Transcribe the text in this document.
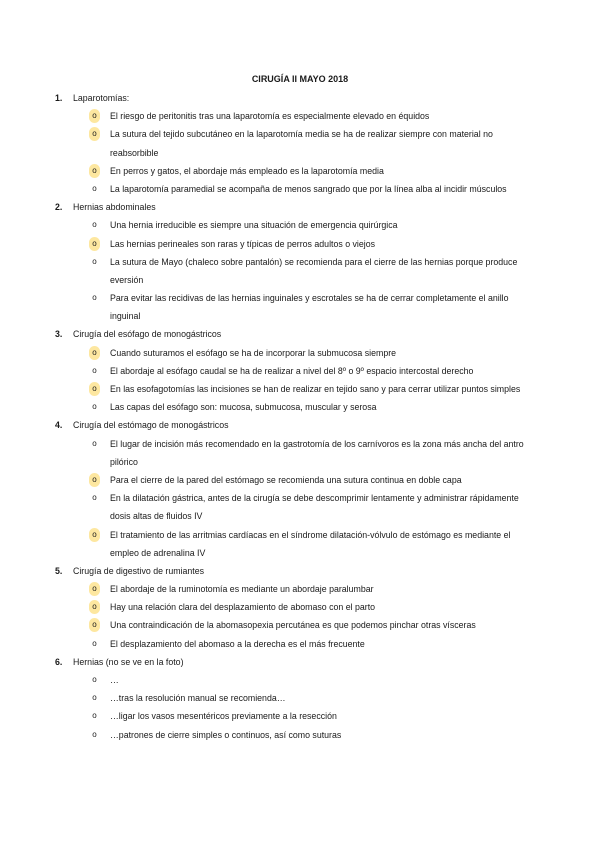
CIRUGÍA II MAYO 2018
1. Laparotomías:
o	El riesgo de peritonitis tras una laparotomía es especialmente elevado en équidos
o	La sutura del tejido subcutáneo en la laparotomía media se ha de realizar siempre con material no
reabsorbible
o	En perros y gatos, el abordaje más empleado es la laparotomía media
o	La laparotomía paramedial se acompaña de menos sangrado que por la línea alba al incidir músculos
2. Hernias abdominales
o	Una hernia irreducible es siempre una situación de emergencia quirúrgica
o	Las hernias perineales son raras y típicas de perros adultos o viejos
o	La sutura de Mayo (chaleco sobre pantalón) se recomienda para el cierre de las hernias porque produce
eversión
o	Para evitar las recidivas de las hernias inguinales y escrotales se ha de cerrar completamente el anillo
inguinal
3. Cirugía del esófago de monogástricos
o	Cuando suturamos el esófago se ha de incorporar la submucosa siempre
o	El abordaje al esófago caudal se ha de realizar a nivel del 8º o 9º espacio intercostal derecho
o	En las esofagotomías las incisiones se han de realizar en tejido sano y para cerrar utilizar puntos simples
o	Las capas del esófago son: mucosa, submucosa, muscular y serosa
4. Cirugía del estómago de monogástricos
o	El lugar de incisión más recomendado en la gastrotomía de los carnívoros es la zona más ancha del antro
pilórico
o	Para el cierre de la pared del estómago se recomienda una sutura continua en doble capa
o	En la dilatación gástrica, antes de la cirugía se debe descomprimir lentamente y administrar rápidamente
dosis altas de fluidos IV
o	El tratamiento de las arritmias cardíacas en el síndrome dilatación-vólvulo de estómago es mediante el
empleo de adrenalina IV
5. Cirugía de digestivo de rumiantes
o	El abordaje de la ruminotomía es mediante un abordaje paralumbar
o	Hay una relación clara del desplazamiento de abomaso con el parto
o	Una contraindicación de la abomasopexia percutánea es que podemos pinchar otras vísceras
o	El desplazamiento del abomaso a la derecha es el más frecuente
6. Hernias (no se ve en la foto)
o	…
o	…tras la resolución manual se recomienda…
o	…ligar los vasos mesentéricos previamente a la resección
o	…patrones de cierre simples o continuos, así como suturas
